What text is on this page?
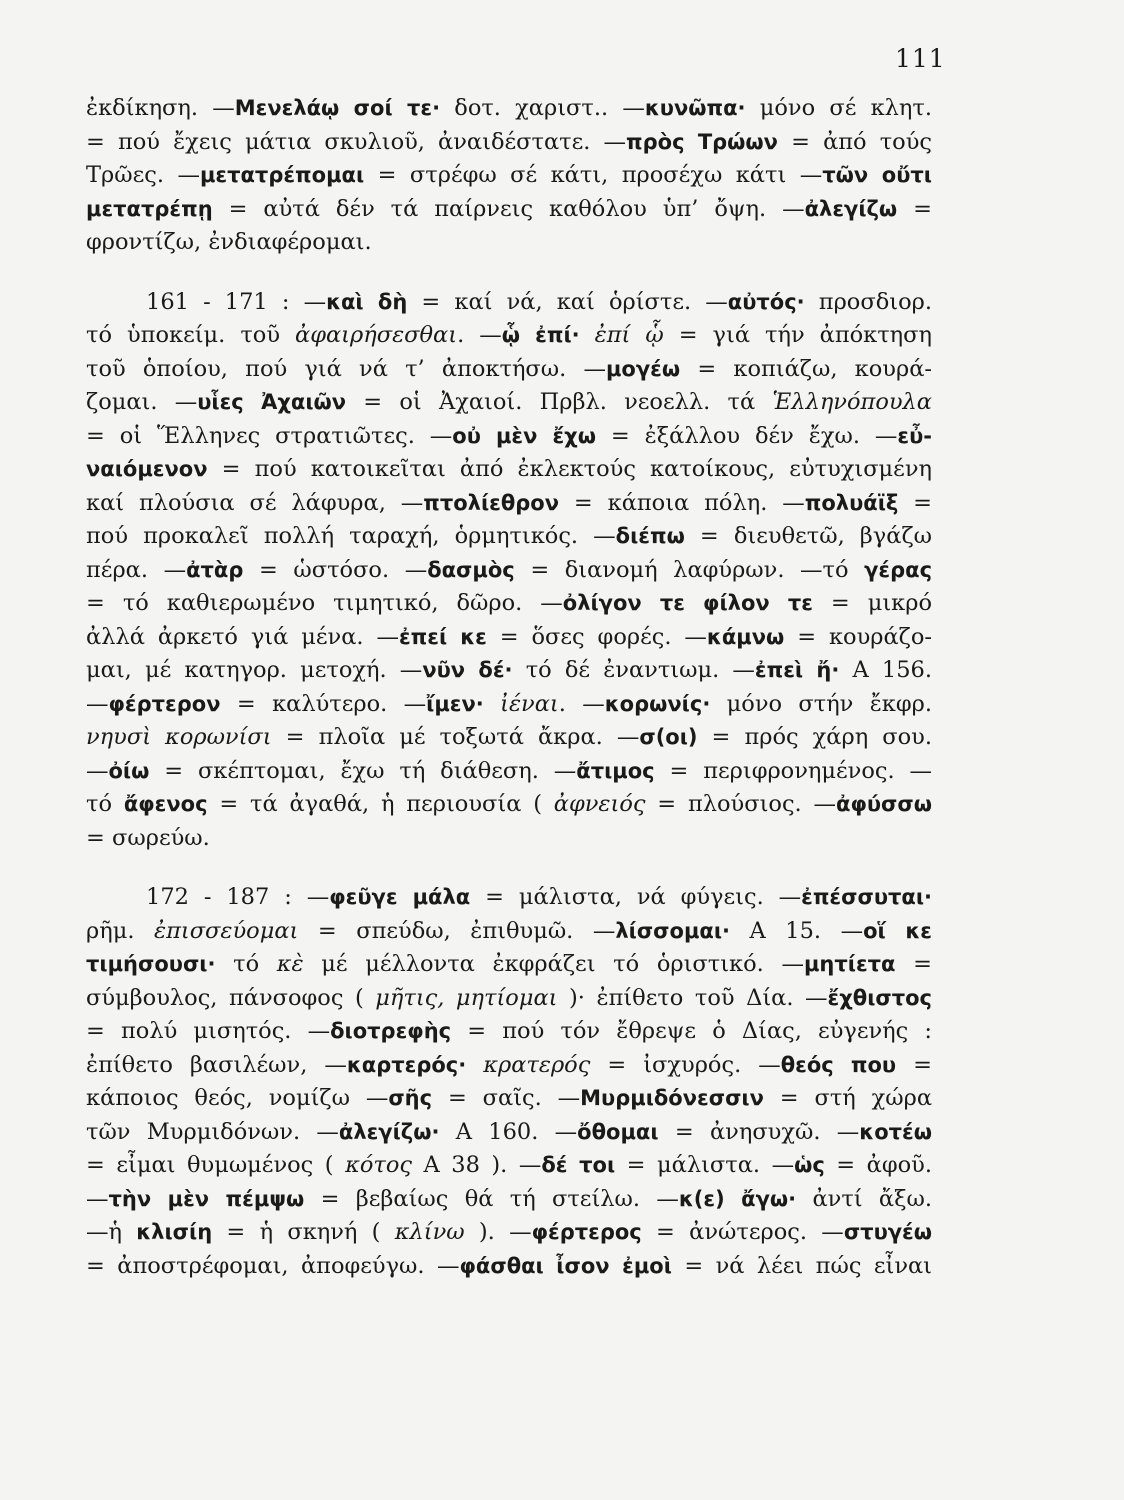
111
ἐκδίκηση. —Μενελάῳ σοί τε· δοτ. χαριστ.. —κυνῶπα· μόνο σέ κλητ.
= πού ἔχεις μάτια σκυλιοῦ, ἀναιδέστατε. —πρὸς Τρώων = ἀπό τούς
Τρῶες. —μετατρέπομαι = στρέφω σέ κάτι, προσέχω κάτι —τῶν οὔτι
μετατρέπῃ = αὐτά δέν τά παίρνεις καθόλου ὑπ’ ὄψη. —ἀλεγίζω =
φροντίζω, ἐνδιαφέρομαι.
161 - 171 : —καὶ δὴ = καί νά, καί ὁρίστε. —αὐτός· προσδιορ.
τό ὑποκείμ. τοῦ ἀφαιρήσεσθαι. —ᾧ ἐπί· ἐπί ᾧ = γιά τήν ἀπόκτηση
τοῦ ὁποίου, πού γιά νά τ’ ἀποκτήσω. —μογέω = κοπιάζω, κουρά-
ζομαι. —υἷες Ἀχαιῶν = οἱ Ἀχαιοί. Πρβλ. νεοελλ. τά Ἑλληνόπουλα
= οἱ Ἕλληνες στρατιῶτες. —οὐ μὲν ἔχω = ἐξάλλου δέν ἔχω. —εὖ-
ναιόμενον = πού κατοικεῖται ἀπό ἐκλεκτούς κατοίκους, εὐτυχισμένη
καί πλούσια σέ λάφυρα, —πτολίεθρον = κάποια πόλη. —πολυάϊξ =
πού προκαλεῖ πολλή ταραχή, ὁρμητικός. —διέπω = διευθετῶ, βγάζω
πέρα. —ἀτὰρ = ὡστόσο. —δασμὸς = διανομή λαφύρων. —τό γέρας
= τό καθιερωμένο τιμητικό, δῶρο. —ὀλίγον τε φίλον τε = μικρό
ἀλλά ἀρκετό γιά μένα. —ἐπεί κε = ὅσες φορές. —κάμνω = κουράζο-
μαι, μέ κατηγορ. μετοχή. —νῦν δέ· τό δέ ἐναντιωμ. —ἐπεὶ ἤ· Α 156.
—φέρτερον = καλύτερο. —ἴμεν· ἰέναι. —κορωνίς· μόνο στήν ἔκφρ.
νηυσὶ κορωνίσι = πλοῖα μέ τοξωτά ἄκρα. —σ(οι) = πρός χάρη σου.
—ὀίω = σκέπτομαι, ἔχω τή διάθεση. —ἄτιμος = περιφρονημένος. —
τό ἄφενος = τά ἀγαθά, ἡ περιουσία ( ἀφνειός = πλούσιος. —ἀφύσσω
= σωρεύω.
172 - 187 : —φεῦγε μάλα = μάλιστα, νά φύγεις. —ἐπέσσυται·
ρῆμ. ἐπισσεύομαι = σπεύδω, ἐπιθυμῶ. —λίσσομαι· Α 15. —οἵ κε
τιμήσουσι· τό κὲ μέ μέλλοντα ἐκφράζει τό ὁριστικό. —μητίετα =
σύμβουλος, πάνσοφος ( μῆτις, μητίομαι )· ἐπίθετο τοῦ Δία. —ἔχθιστος
= πολύ μισητός. —διοτρεφὴς = πού τόν ἔθρεψε ὁ Δίας, εὐγενής :
ἐπίθετο βασιλέων, —καρτερός· κρατερός = ἰσχυρός. —θεός που =
κάποιος θεός, νομίζω —σῆς = σαῖς. —Μυρμιδόνεσσιν = στή χώρα
τῶν Μυρμιδόνων. —ἀλεγίζω· Α 160. —ὄθομαι = ἀνησυχῶ. —κοτέω
= εἶμαι θυμωμένος ( κότος Α 38 ). —δέ τοι = μάλιστα. —ὡς = ἀφοῦ.
—τὴν μὲν πέμψω = βεβαίως θά τή στείλω. —κ(ε) ἄγω· ἀντί ἄξω.
—ἡ κλισίη = ἡ σκηνή ( κλίνω ). —φέρτερος = ἀνώτερος. —στυγέω
= ἀποστρέφομαι, ἀποφεύγω. —φάσθαι ἶσον ἐμοὶ = νά λέει πώς εἶναι
